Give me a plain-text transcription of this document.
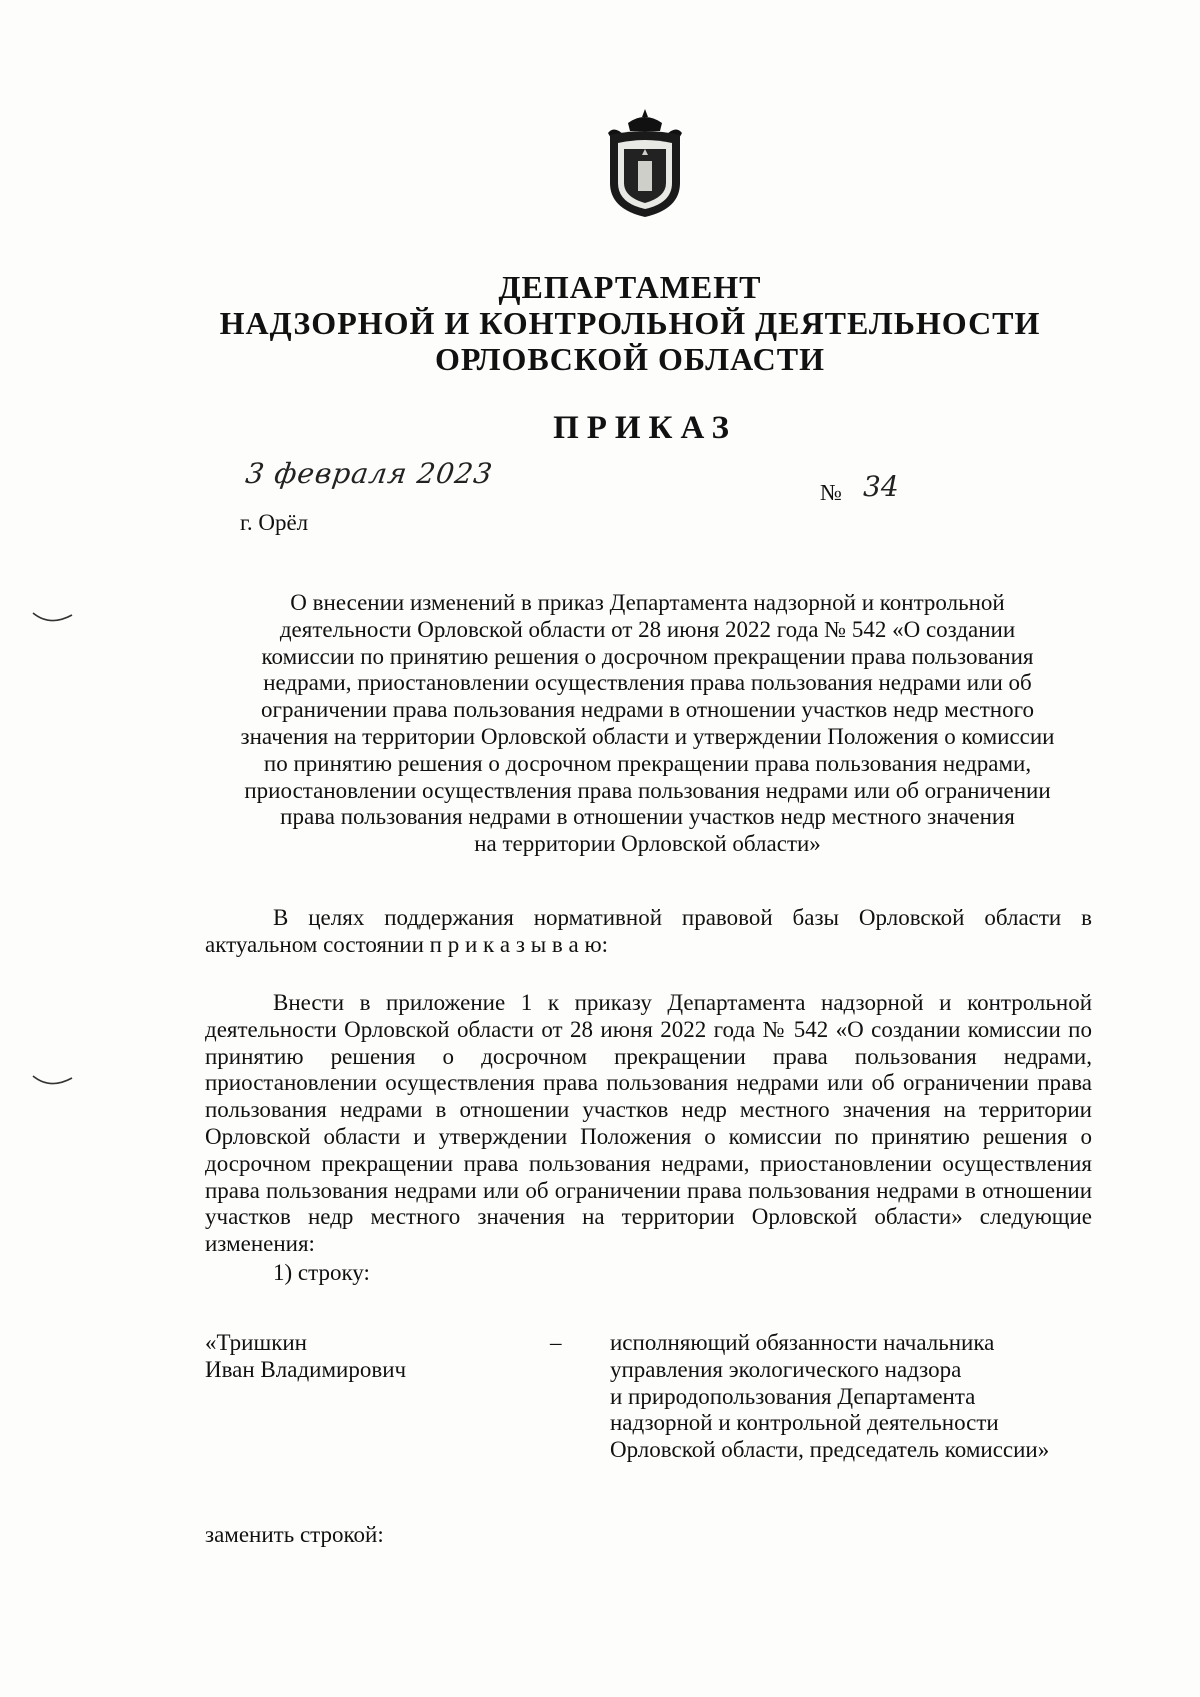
ДЕПАРТАМЕНТ
НАДЗОРНОЙ И КОНТРОЛЬНОЙ ДЕЯТЕЛЬНОСТИ
ОРЛОВСКОЙ ОБЛАСТИ
ПРИКАЗ
3 февраля 2023
№ 34
г. Орёл
О внесении изменений в приказ Департамента надзорной и контрольной
деятельности Орловской области от 28 июня 2022 года № 542 «О создании
комиссии по принятию решения о досрочном прекращении права пользования
недрами, приостановлении осуществления права пользования недрами или об
ограничении права пользования недрами в отношении участков недр местного
значения на территории Орловской области и утверждении Положения о комиссии
по принятию решения о досрочном прекращении права пользования недрами,
приостановлении осуществления права пользования недрами или об ограничении
права пользования недрами в отношении участков недр местного значения
на территории Орловской области»
В целях поддержания нормативной правовой базы Орловской области в актуальном состоянии п р и к а з ы в а ю:
Внести в приложение 1 к приказу Департамента надзорной и контрольной деятельности Орловской области от 28 июня 2022 года № 542 «О создании комиссии по принятию решения о досрочном прекращении права пользования недрами, приостановлении осуществления права пользования недрами или об ограничении права пользования недрами в отношении участков недр местного значения на территории Орловской области и утверждении Положения о комиссии по принятию решения о досрочном прекращении права пользования недрами, приостановлении осуществления права пользования недрами или об ограничении права пользования недрами в отношении участков недр местного значения на территории Орловской области» следующие изменения:
1) строку:
«Тришкин
Иван Владимирович
– исполняющий обязанности начальника
управления экологического надзора
и природопользования Департамента
надзорной и контрольной деятельности
Орловской области, председатель комиссии»
заменить строкой:
